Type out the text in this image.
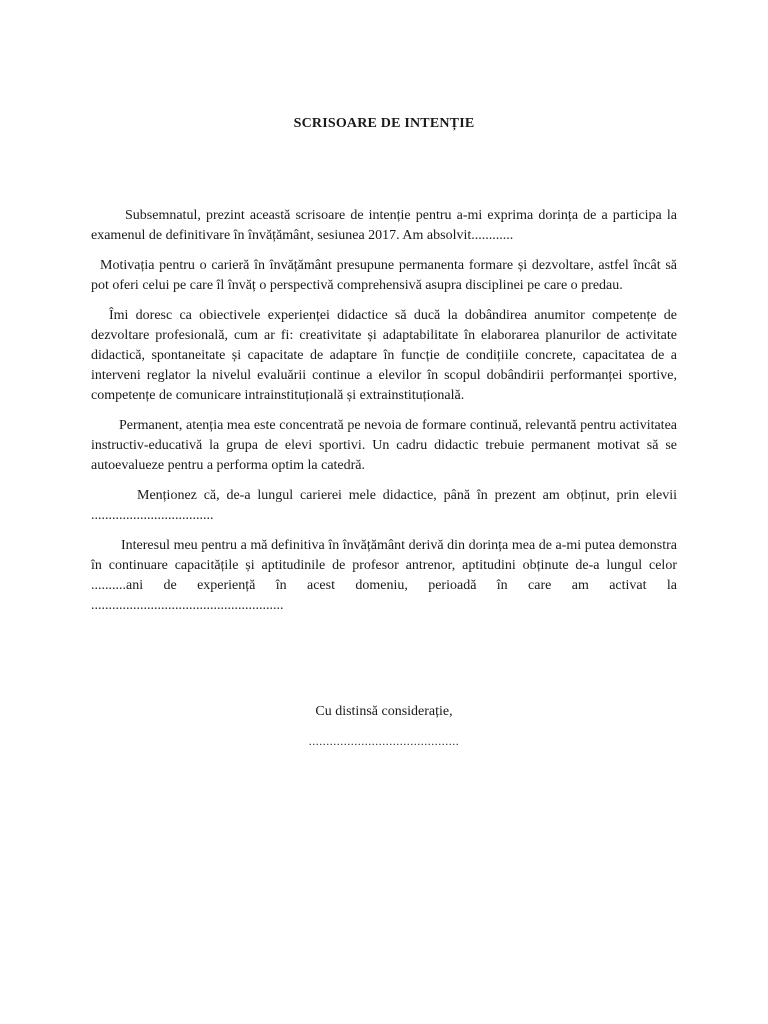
SCRISOARE DE INTENȚIE

Subsemnatul, prezint această scrisoare de intenție pentru a-mi exprima dorința de a participa la examenul de definitivare în învățământ, sesiunea 2017. Am absolvit............

Motivația pentru o carieră în învățământ presupune permanenta formare și dezvoltare, astfel încât să pot oferi celui pe care îl învăț o perspectivă comprehensivă asupra disciplinei pe care o predau.

Îmi doresc ca obiectivele experienței didactice să ducă la dobândirea anumitor competențe de dezvoltare profesională, cum ar fi: creativitate și adaptabilitate în elaborarea planurilor de activitate didactică, spontaneitate și capacitate de adaptare în funcție de condițiile concrete, capacitatea de a interveni reglator la nivelul evaluării continue a elevilor în scopul dobândirii performanței sportive, competențe de comunicare intrainstituțională și extrainstituțională.

Permanent, atenția mea este concentrată pe nevoia de formare continuă, relevantă pentru activitatea instructiv-educativă la grupa de elevi sportivi. Un cadru didactic trebuie permanent motivat să se autoevalueze pentru a performa optim la catedră.

Menționez că, de-a lungul carierei mele didactice, până în prezent am obținut, prin elevii ...................................

Interesul meu pentru a mă definitiva în învățământ derivă din dorința mea de a-mi putea demonstra în continuare capacitățile și aptitudinile de profesor antrenor, aptitudini obținute de-a lungul celor ..........ani de experiență în acest domeniu, perioadă în care am activat la .......................................................

Cu distinsă considerație,
...........................................
